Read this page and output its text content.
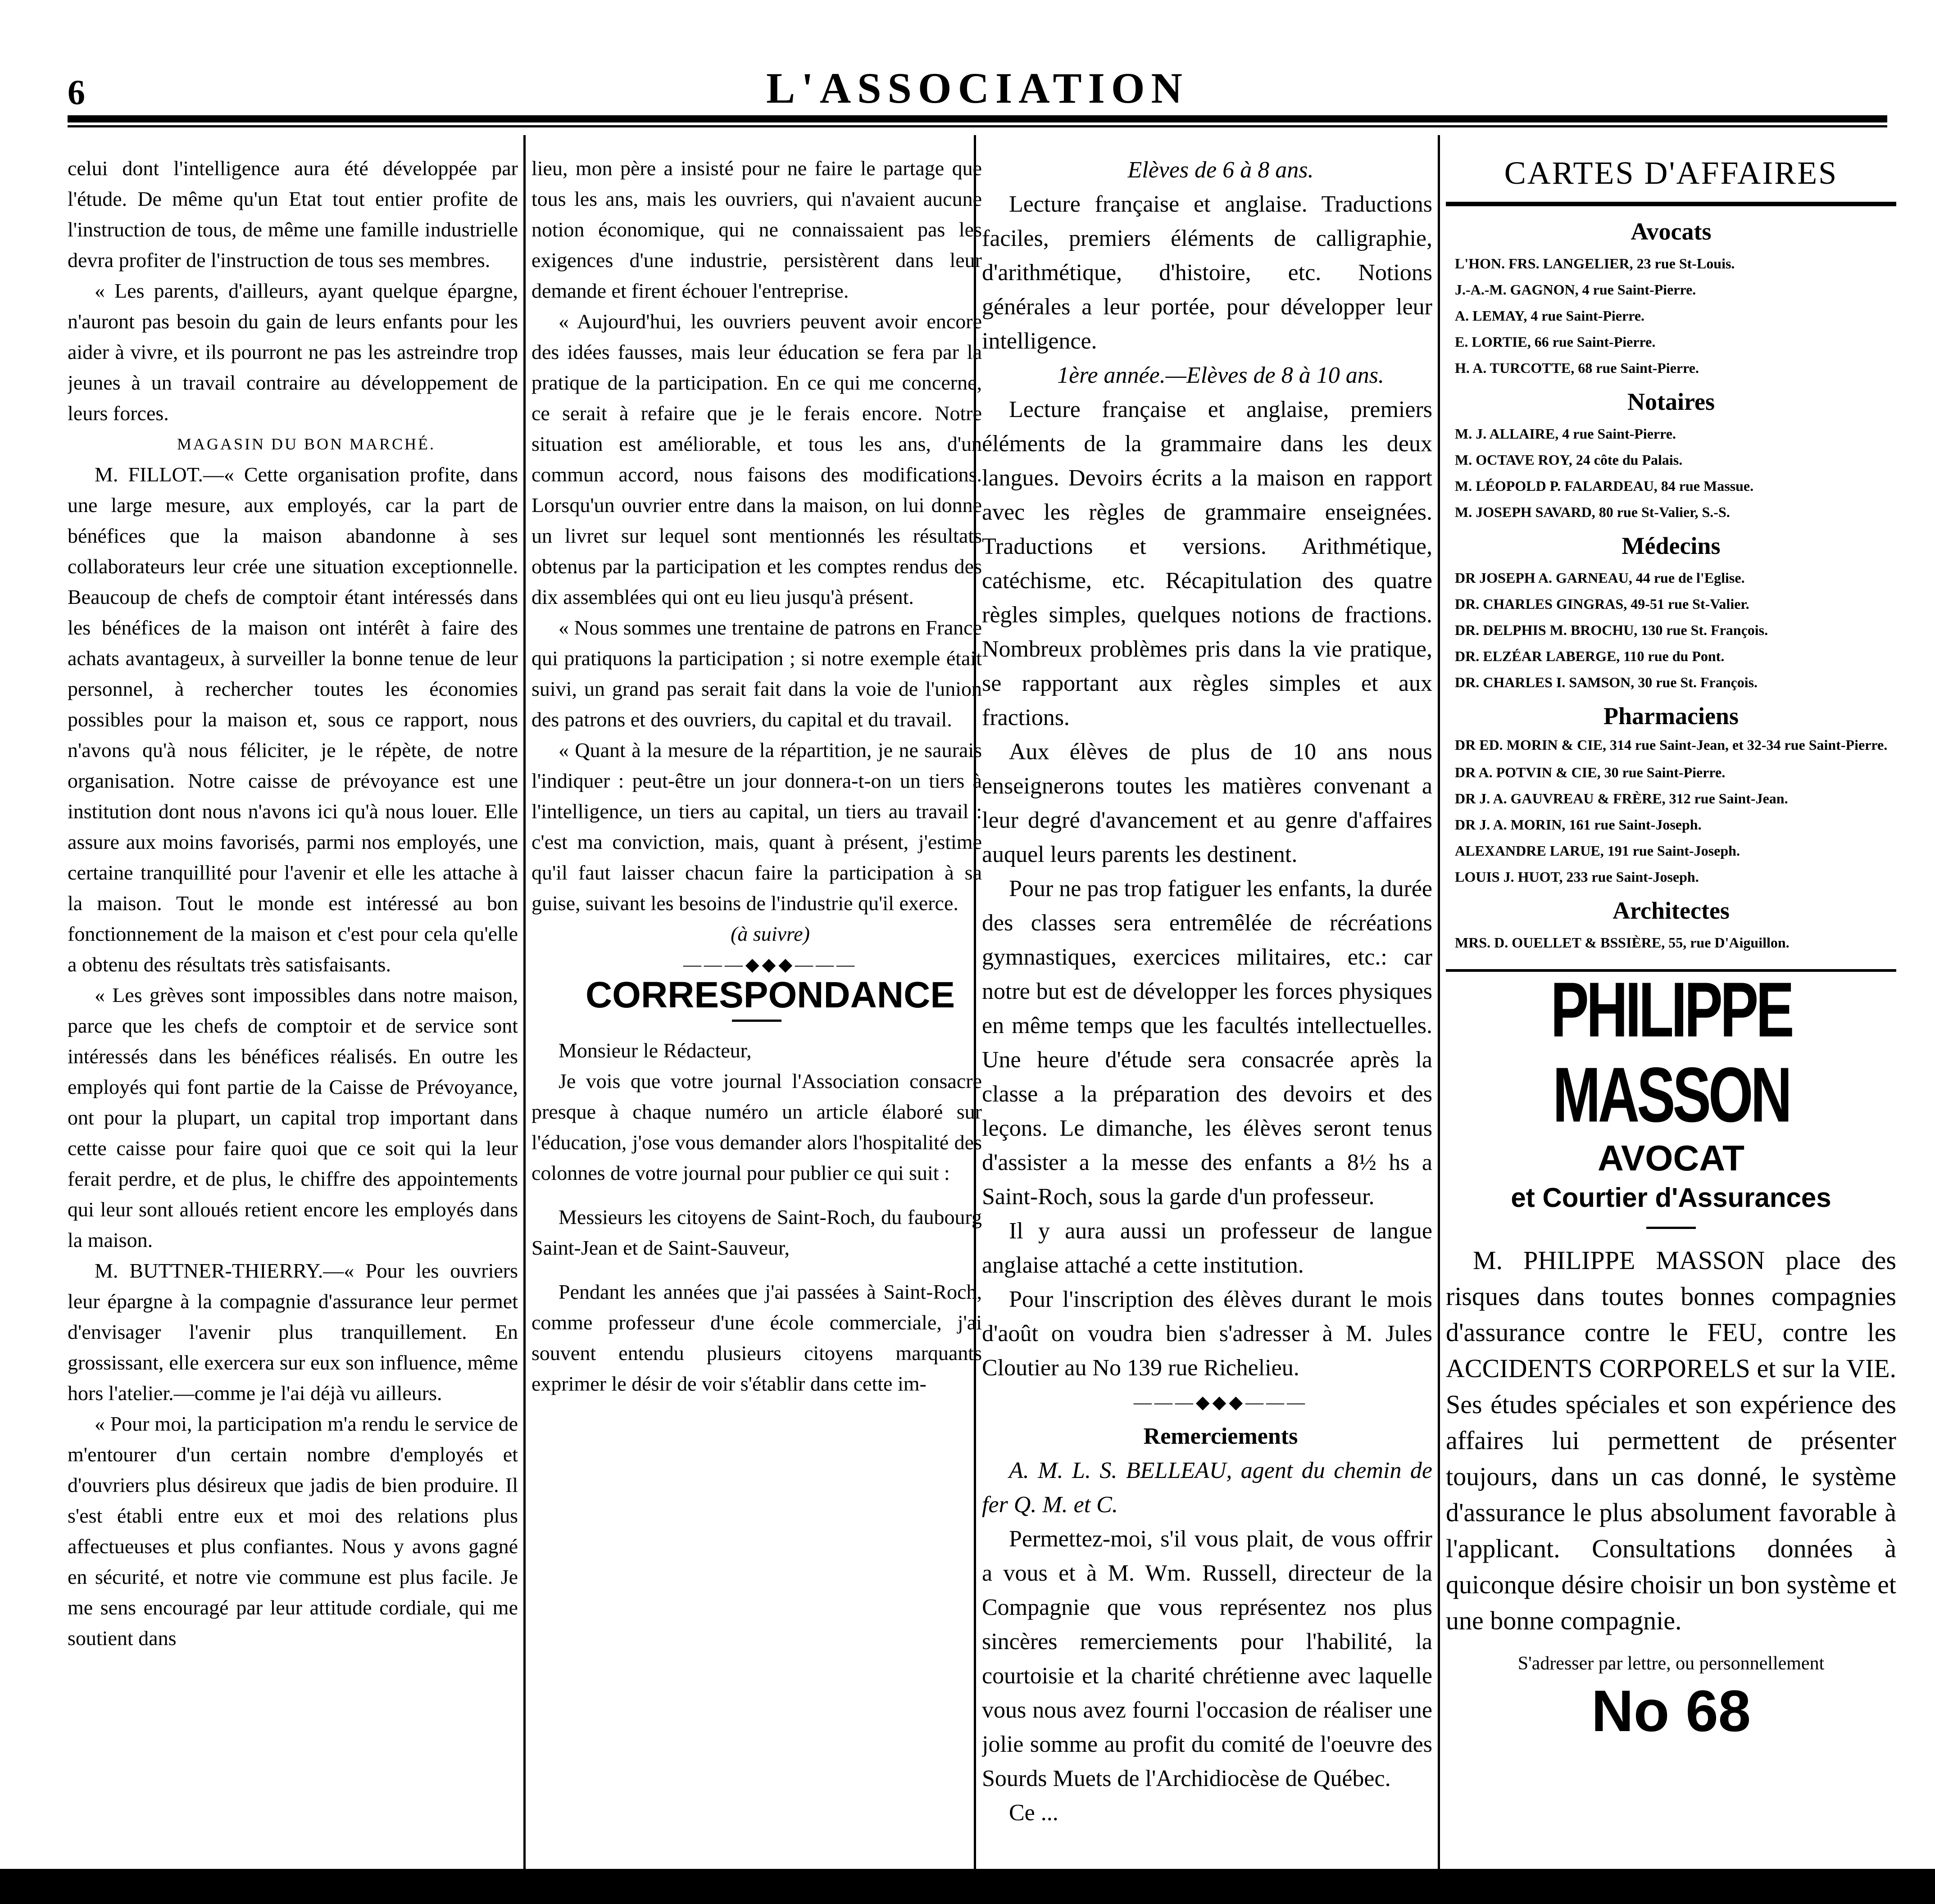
6	L'ASSOCIATION

celui dont l'intelligence aura été développée par l'étude. De même qu'un Etat tout entier profite de l'instruction de tous, de même une famille industrielle devra profiter de l'instruction de tous ses membres.

« Les parents, d'ailleurs, ayant quelque épargne, n'auront pas besoin du gain de leurs enfants pour les aider à vivre, et ils pourront ne pas les astreindre trop jeunes à un travail contraire au développement de leurs forces.

MAGASIN DU BON MARCHÉ.

M. FILLOT.—« Cette organisation profite, dans une large mesure, aux employés, car la part de bénéfices que la maison abandonne à ses collaborateurs leur crée une situation exceptionnelle. Beaucoup de chefs de comptoir étant intéressés dans les bénéfices de la maison ont intérêt à faire des achats avantageux, à surveiller la bonne tenue de leur personnel, à rechercher toutes les économies possibles pour la maison et, sous ce rapport, nous n'avons qu'à nous féliciter, je le répète, de notre organisation. Notre caisse de prévoyance est une institution dont nous n'avons ici qu'à nous louer. Elle assure aux moins favorisés, parmi nos employés, une certaine tranquillité pour l'avenir et elle les attache à la maison. Tout le monde est intéressé au bon fonctionnement de la maison et c'est pour cela qu'elle a obtenu des résultats très satisfaisants.

« Les grèves sont impossibles dans notre maison, parce que les chefs de comptoir et de service sont intéressés dans les bénéfices réalisés. En outre les employés qui font partie de la Caisse de Prévoyance, ont pour la plupart, un capital trop important dans cette caisse pour faire quoi que ce soit qui la leur ferait perdre, et de plus, le chiffre des appointements qui leur sont alloués retient encore les employés dans la maison.

M. BUTTNER-THIERRY.—« Pour les ouvriers leur épargne à la compagnie d'assurance leur permet d'envisager l'avenir plus tranquillement. En grossissant, elle exercera sur eux son influence, même hors l'atelier.—comme je l'ai déjà vu ailleurs.

« Pour moi, la participation m'a rendu le service de m'entourer d'un certain nombre d'employés et d'ouvriers plus désireux que jadis de bien produire. Il s'est établi entre eux et moi des relations plus affectueuses et plus confiantes. Nous y avons gagné en sécurité, et notre vie commune est plus facile. Je me sens encouragé par leur attitude cordiale, qui me soutient dans

lieu, mon père a insisté pour ne faire le partage que tous les ans, mais les ouvriers, qui n'avaient aucune notion économique, qui ne connaissaient pas les exigences d'une industrie, persistèrent dans leur demande et firent échouer l'entreprise.

« Aujourd'hui, les ouvriers peuvent avoir encore des idées fausses, mais leur éducation se fera par la pratique de la participation. En ce qui me concerne, ce serait à refaire que je le ferais encore. Notre situation est améliorable, et tous les ans, d'un commun accord, nous faisons des modifications. Lorsqu'un ouvrier entre dans la maison, on lui donne un livret sur lequel sont mentionnés les résultats obtenus par la participation et les comptes rendus des dix assemblées qui ont eu lieu jusqu'à présent.

« Nous sommes une trentaine de patrons en France qui pratiquons la participation ; si notre exemple était suivi, un grand pas serait fait dans la voie de l'union des patrons et des ouvriers, du capital et du travail.

« Quant à la mesure de la répartition, je ne saurais l'indiquer : peut-être un jour donnera-t-on un tiers à l'intelligence, un tiers au capital, un tiers au travail : c'est ma conviction, mais, quant à présent, j'estime qu'il faut laisser chacun faire la participation à sa guise, suivant les besoins de l'industrie qu'il exerce.

(à suivre)

———◆◆◆———

CORRESPONDANCE

Monsieur le Rédacteur,

Je vois que votre journal l'Association consacre presque à chaque numéro un article élaboré sur l'éducation, j'ose vous demander alors l'hospitalité des colonnes de votre journal pour publier ce qui suit :

Messieurs les citoyens de Saint-Roch, du faubourg Saint-Jean et de Saint-Sauveur,

Pendant les années que j'ai passées à Saint-Roch, comme professeur d'une école commerciale, j'ai souvent entendu plusieurs citoyens marquants exprimer le désir de voir s'établir dans cette im-

Elèves de 6 à 8 ans.

Lecture française et anglaise. Traductions faciles, premiers éléments de calligraphie, d'arithmétique, d'histoire, etc. Notions générales a leur portée, pour développer leur intelligence.

1ère année.—Elèves de 8 à 10 ans.

Lecture française et anglaise, premiers éléments de la grammaire dans les deux langues. Devoirs écrits a la maison en rapport avec les règles de grammaire enseignées. Traductions et versions. Arithmétique, catéchisme, etc. Récapitulation des quatre règles simples, quelques notions de fractions. Nombreux problèmes pris dans la vie pratique, se rapportant aux règles simples et aux fractions.

Aux élèves de plus de 10 ans nous enseignerons toutes les matières convenant a leur degré d'avancement et au genre d'affaires auquel leurs parents les destinent.

Pour ne pas trop fatiguer les enfants, la durée des classes sera entremêlée de récréations gymnastiques, exercices militaires, etc.: car notre but est de développer les forces physiques en même temps que les facultés intellectuelles. Une heure d'étude sera consacrée après la classe a la préparation des devoirs et des leçons. Le dimanche, les élèves seront tenus d'assister a la messe des enfants a 8½ hs a Saint-Roch, sous la garde d'un professeur.

Il y aura aussi un professeur de langue anglaise attaché a cette institution.

Pour l'inscription des élèves durant le mois d'août on voudra bien s'adresser à M. Jules Cloutier au No 139 rue Richelieu.

———◆◆◆———

Remerciements

A. M. L. S. BELLEAU, agent du chemin de fer Q. M. et C.

Permettez-moi, s'il vous plait, de vous offrir a vous et à M. Wm. Russell, directeur de la Compagnie que vous représentez nos plus sincères remerciements pour l'habilité, la courtoisie et la charité chrétienne avec laquelle vous nous avez fourni l'occasion de réaliser une jolie somme au profit du comité de l'oeuvre des Sourds Muets de l'Archidiocèse de Québec.

Ce ...

CARTES D'AFFAIRES
Avocats
L'HON. FRS. LANGELIER, 23 rue St-Louis.
J.-A.-M. GAGNON, 4 rue Saint-Pierre.
A. LEMAY, 4 rue Saint-Pierre.
E. LORTIE, 66 rue Saint-Pierre.
H. A. TURCOTTE, 68 rue Saint-Pierre.
Notaires
M. J. ALLAIRE, 4 rue Saint-Pierre.
M. OCTAVE ROY, 24 côte du Palais.
M. LÉOPOLD P. FALARDEAU, 84 rue Massue.
M. JOSEPH SAVARD, 80 rue St-Valier, S.-S.
Médecins
DR JOSEPH A. GARNEAU, 44 rue de l'Eglise.
DR. CHARLES GINGRAS, 49-51 rue St-Valier.
DR. DELPHIS M. BROCHU, 130 rue St. François.
DR. ELZÉAR LABERGE, 110 rue du Pont.
DR. CHARLES I. SAMSON, 30 rue St. François.
Pharmaciens
DR ED. MORIN & CIE, 314 rue Saint-Jean, et 32-34 rue Saint-Pierre.
DR A. POTVIN & CIE, 30 rue Saint-Pierre.
DR J. A. GAUVREAU & FRÈRE, 312 rue Saint-Jean.
DR J. A. MORIN, 161 rue Saint-Joseph.
ALEXANDRE LARUE, 191 rue Saint-Joseph.
LOUIS J. HUOT, 233 rue Saint-Joseph.
Architectes
MRS. D. OUELLET & BSSIÈRE, 55, rue D'Aiguillon.
PHILIPPE MASSON
AVOCAT
et Courtier d'Assurances

M. PHILIPPE MASSON place des risques dans toutes bonnes compagnies d'assurance contre le FEU, contre les ACCIDENTS CORPORELS et sur la VIE. Ses études spéciales et son expérience des affaires lui permettent de présenter toujours, dans un cas donné, le système d'assurance le plus absolument favorable à l'applicant. Consultations données à quiconque désire choisir un bon système et une bonne compagnie.

S'adresser par lettre, ou personnellement
No 68
